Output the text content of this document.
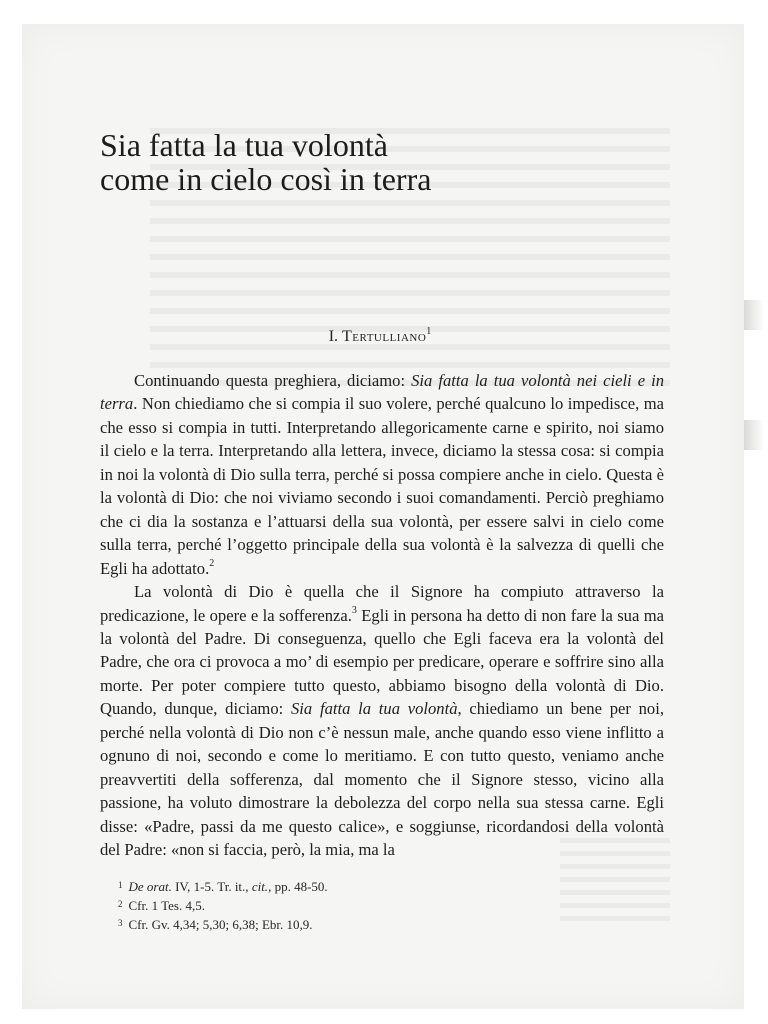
Sia fatta la tua volontà
come in cielo così in terra
I. Tertulliano$^1$

Continuando questa preghiera, diciamo: Sia fatta la tua volontà nei cieli e in terra. Non chiediamo che si compia il suo volere, perché qualcuno lo impedisce, ma che esso si compia in tutti. Interpretando allegoricamente carne e spirito, noi siamo il cielo e la terra. Interpretando alla lettera, invece, diciamo la stessa cosa: si compia in noi la volontà di Dio sulla terra, perché si possa compiere anche in cielo. Questa è la volontà di Dio: che noi viviamo secondo i suoi comandamenti. Perciò preghiamo che ci dia la sostanza e l’attuarsi della sua volontà, per essere salvi in cielo come sulla terra, perché l’oggetto principale della sua volontà è la salvezza di quelli che Egli ha adottato.$^2$

La volontà di Dio è quella che il Signore ha compiuto attraverso la predicazione, le opere e la sofferenza.$^3$ Egli in persona ha detto di non fare la sua ma la volontà del Padre. Di conseguenza, quello che Egli faceva era la volontà del Padre, che ora ci provoca a mo’ di esempio per predicare, operare e soffrire sino alla morte. Per poter compiere tutto questo, abbiamo bisogno della volontà di Dio. Quando, dunque, diciamo: Sia fatta la tua volontà, chiediamo un bene per noi, perché nella volontà di Dio non c’è nessun male, anche quando esso viene inflitto a ognuno di noi, secondo e come lo meritiamo. E con tutto questo, veniamo anche preavvertiti della sofferenza, dal momento che il Signore stesso, vicino alla passione, ha voluto dimostrare la debolezza del corpo nella sua stessa carne. Egli disse: «Padre, passi da me questo calice», e soggiunse, ricordandosi della volontà del Padre: «non si faccia, però, la mia, ma la

$^1$ De orat. IV, 1-5. Tr. it., cit., pp. 48-50.
$^2$ Cfr. 1 Tes. 4,5.
$^3$ Cfr. Gv. 4,34; 5,30; 6,38; Ebr. 10,9.
